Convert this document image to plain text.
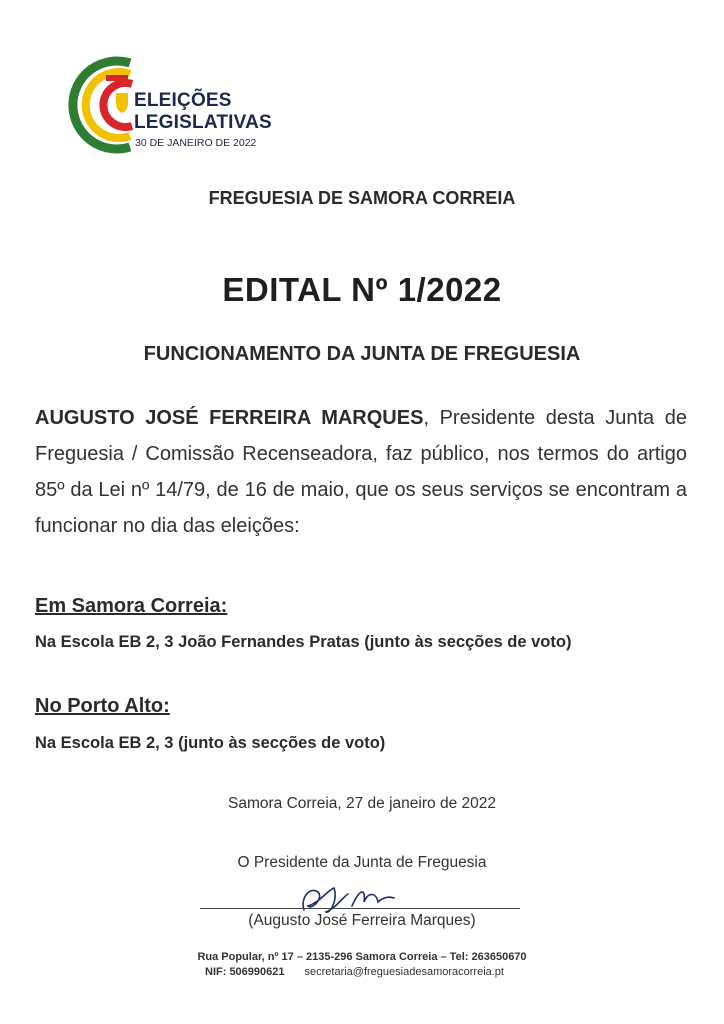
ELEIÇÕES
LEGISLATIVAS
30 DE JANEIRO DE 2022
FREGUESIA DE SAMORA CORREIA
EDITAL Nº 1/2022
FUNCIONAMENTO DA JUNTA DE FREGUESIA
AUGUSTO JOSÉ FERREIRA MARQUES, Presidente desta Junta de Freguesia / Comissão Recenseadora, faz público, nos termos do artigo 85º da Lei nº 14/79, de 16 de maio, que os seus serviços se encontram a funcionar no dia das eleições:
Em Samora Correia:
Na Escola EB 2, 3 João Fernandes Pratas (junto às secções de voto)
No Porto Alto:
Na Escola EB 2, 3 (junto às secções de voto)
Samora Correia, 27 de janeiro de 2022
O Presidente da Junta de Freguesia
(Augusto José Ferreira Marques)
Rua Popular, nº 17 – 2135-296 Samora Correia – Tel: 263650670
NIF: 506990621 secretaria@freguesiadesamoracorreia.pt
